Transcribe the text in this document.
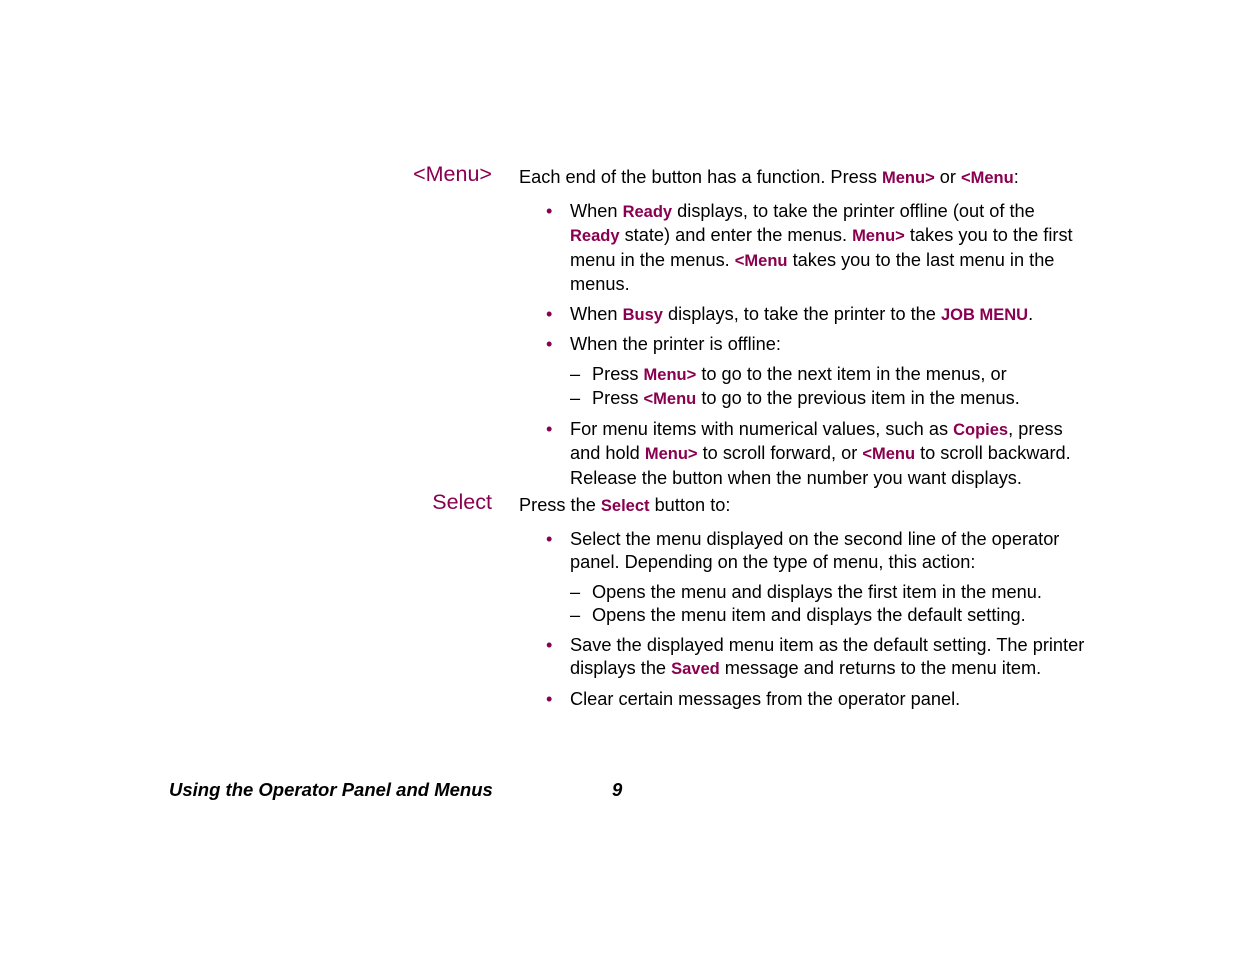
<Menu> Each end of the button has a function. Press Menu> or <Menu:

• When Ready displays, to take the printer offline (out of the Ready state) and enter the menus. Menu> takes you to the first menu in the menus. <Menu takes you to the last menu in the menus.
• When Busy displays, to take the printer to the JOB MENU.
• When the printer is offline:
– Press Menu> to go to the next item in the menus, or
– Press <Menu to go to the previous item in the menus.
• For menu items with numerical values, such as Copies, press and hold Menu> to scroll forward, or <Menu to scroll backward. Release the button when the number you want displays.
Select Press the Select button to:

• Select the menu displayed on the second line of the operator panel. Depending on the type of menu, this action:
– Opens the menu and displays the first item in the menu.
– Opens the menu item and displays the default setting.
• Save the displayed menu item as the default setting. The printer displays the Saved message and returns to the menu item.
• Clear certain messages from the operator panel.
Using the Operator Panel and Menus	9
